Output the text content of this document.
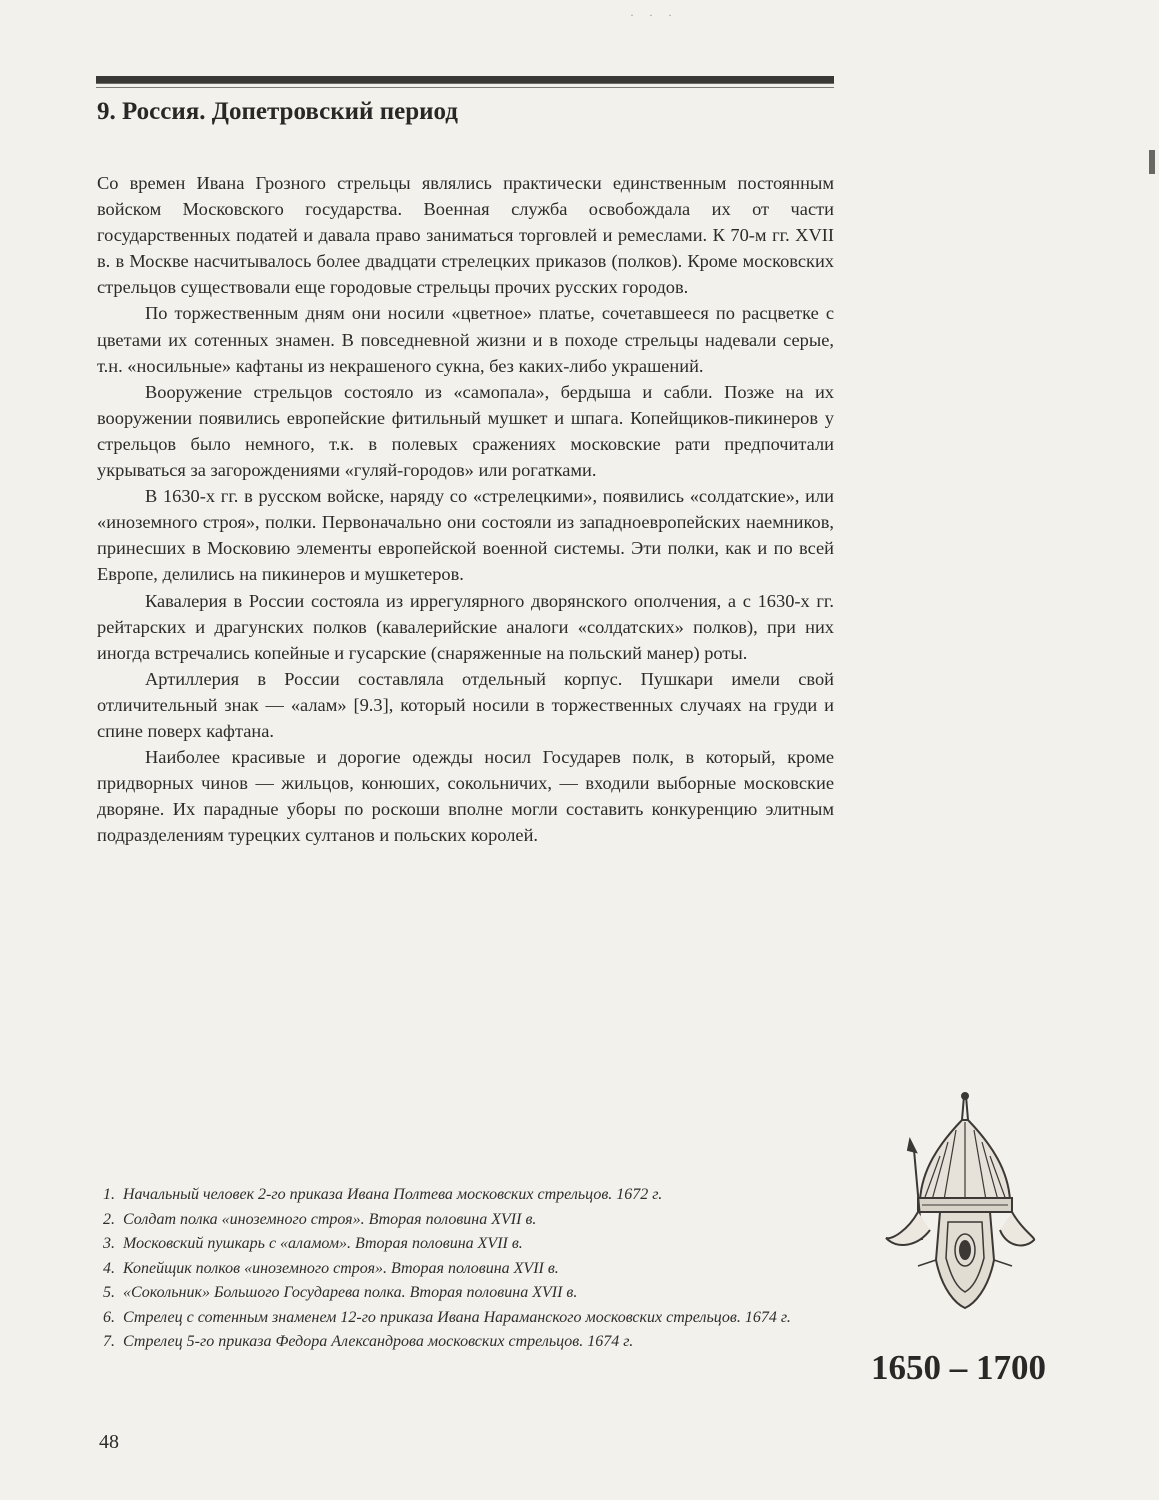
· · ·
9. Россия. Допетровский период

Со времен Ивана Грозного стрельцы являлись практически единственным постоянным войском Московского государства. Военная служба освобождала их от части государственных податей и давала право заниматься торговлей и ремеслами. К 70-м гг. XVII в. в Москве насчитывалось более двадцати стрелецких приказов (полков). Кроме московских стрельцов существовали еще городовые стрельцы прочих русских городов.

По торжественным дням они носили «цветное» платье, сочетавшееся по расцветке с цветами их сотенных знамен. В повседневной жизни и в походе стрельцы надевали серые, т.н. «носильные» кафтаны из некрашеного сукна, без каких-либо украшений.

Вооружение стрельцов состояло из «самопала», бердыша и сабли. Позже на их вооружении появились европейские фитильный мушкет и шпага. Копейщиков-пикинеров у стрельцов было немного, т.к. в полевых сражениях московские рати предпочитали укрываться за загорождениями «гуляй-городов» или рогатками.

В 1630-х гг. в русском войске, наряду со «стрелецкими», появились «солдатские», или «иноземного строя», полки. Первоначально они состояли из западноевропейских наемников, принесших в Московию элементы европейской военной системы. Эти полки, как и по всей Европе, делились на пикинеров и мушкетеров.

Кавалерия в России состояла из иррегулярного дворянского ополчения, а с 1630-х гг. рейтарских и драгунских полков (кавалерийские аналоги «солдатских» полков), при них иногда встречались копейные и гусарские (снаряженные на польский манер) роты.

Артиллерия в России составляла отдельный корпус. Пушкари имели свой отличительный знак — «алам» [9.3], который носили в торжественных случаях на груди и спине поверх кафтана.

Наиболее красивые и дорогие одежды носил Государев полк, в который, кроме придворных чинов — жильцов, конюших, сокольничих, — входили выборные московские дворяне. Их парадные уборы по роскоши вполне могли составить конкуренцию элитным подразделениям турецких султанов и польских королей.

1. Начальный человек 2-го приказа Ивана Полтева московских стрельцов. 1672 г.
2. Солдат полка «иноземного строя». Вторая половина XVII в.
3. Московский пушкарь с «аламом». Вторая половина XVII в.
4. Копейщик полков «иноземного строя». Вторая половина XVII в.
5. «Сокольник» Большого Государева полка. Вторая половина XVII в.
6. Стрелец с сотенным знаменем 12-го приказа Ивана Нараманского московских стрельцов. 1674 г.
7. Стрелец 5-го приказа Федора Александрова московских стрельцов. 1674 г.
1650 – 1700
48
